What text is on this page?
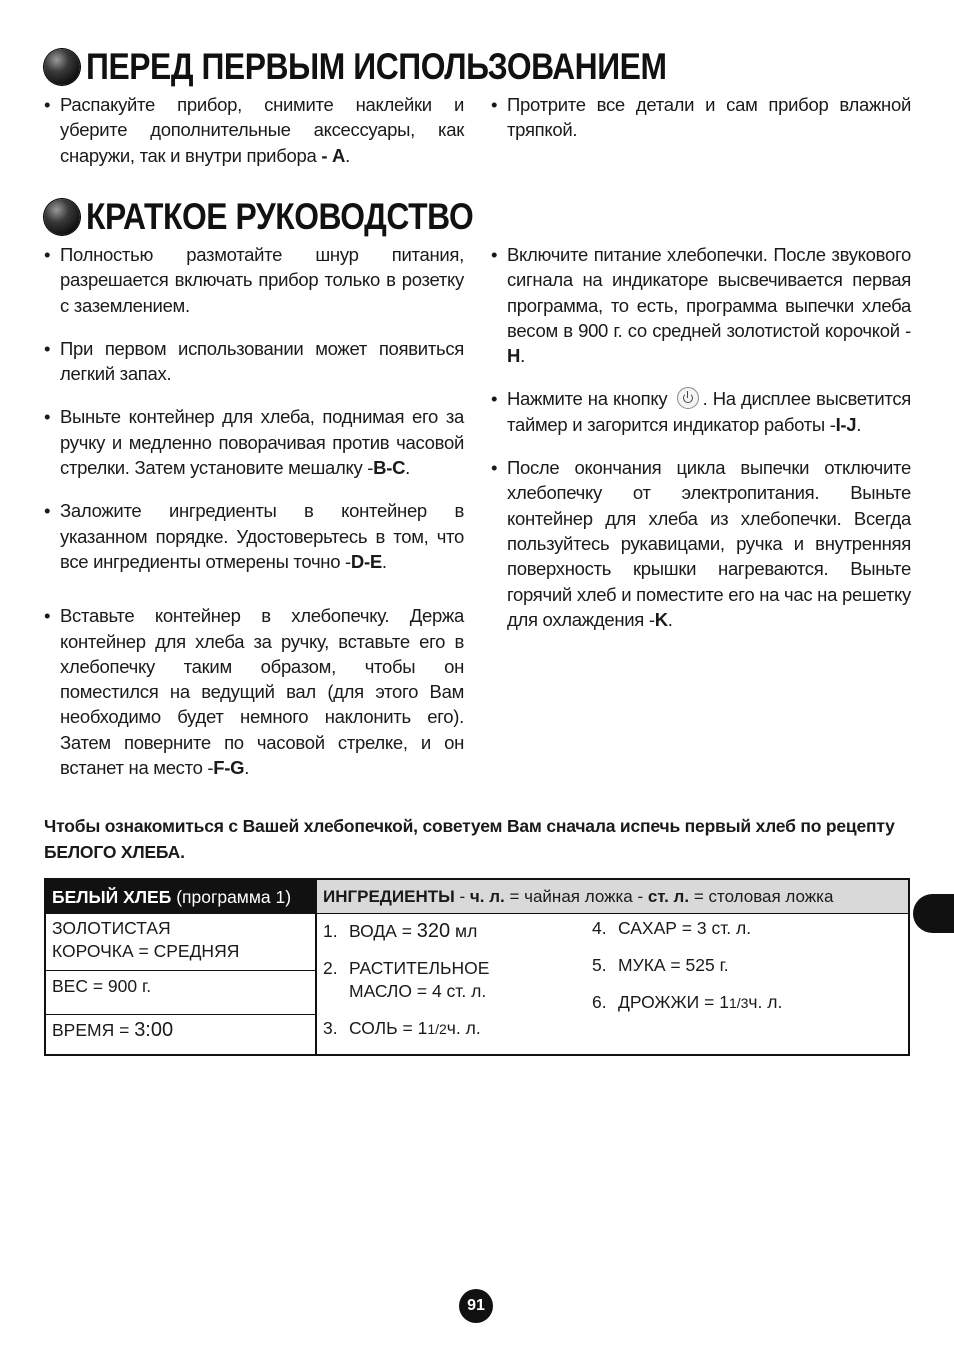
ПЕРЕД ПЕРВЫМ ИСПОЛЬЗОВАНИЕМ

• Распакуйте прибор, снимите наклейки и уберите дополнительные аксессуары, как снаружи, так и внутри прибора - A.

• Протрите все детали и сам прибор влажной тряпкой.

КРАТКОЕ РУКОВОДСТВО

• Полностью размотайте шнур питания, разрешается включать прибор только в розетку с заземлением.

• При первом использовании может появиться легкий запах.

• Выньте контейнер для хлеба, поднимая его за ручку и медленно поворачивая против часовой стрелки. Затем установите мешалку -B-C.

• Заложите ингредиенты в контейнер в указанном порядке. Удостоверьтесь в том, что все ингредиенты отмерены точно -D-E.

• Вставьте контейнер в хлебопечку. Держа контейнер для хлеба за ручку, вставьте его в хлебопечку таким образом, чтобы он поместился на ведущий вал (для этого Вам необходимо будет немного наклонить его). Затем поверните по часовой стрелке, и он встанет на место -F-G.

• Включите питание хлебопечки. После звукового сигнала на индикаторе высвечивается первая программа, то есть, программа выпечки хлеба весом в 900 г. со средней золотистой корочкой -H.

• Нажмите на кнопку . На дисплее высветится таймер и загорится индикатор работы -I-J.

• После окончания цикла выпечки отключите хлебопечку от электропитания. Выньте контейнер для хлеба из хлебопечки. Всегда пользуйтесь рукавицами, ручка и внутренняя поверхность крышки нагреваются. Выньте горячий хлеб и поместите его на час на решетку для охлаждения -K.

Чтобы ознакомиться с Вашей хлебопечкой, советуем Вам сначала испечь первый хлеб по рецепту БЕЛОГО ХЛЕБА.
БЕЛЫЙ ХЛЕБ (программа 1)	ИНГРЕДИЕНТЫ - ч. л. = чайная ложка - ст. л. = столовая ложка
ЗОЛОТИСТАЯ
КОРОЧКА = СРЕДНЯЯ
ВЕС = 900 г.
ВРЕМЯ = 3:00
1. ВОДА = 320 мл
2. РАСТИТЕЛЬНОЕ
МАСЛО = 4 ст. л.
3. СОЛЬ = 11/2ч. л.
4. САХАР = 3 ст. л.
5. МУКА = 525 г.
6. ДРОЖЖИ = 11/3ч. л.
91
